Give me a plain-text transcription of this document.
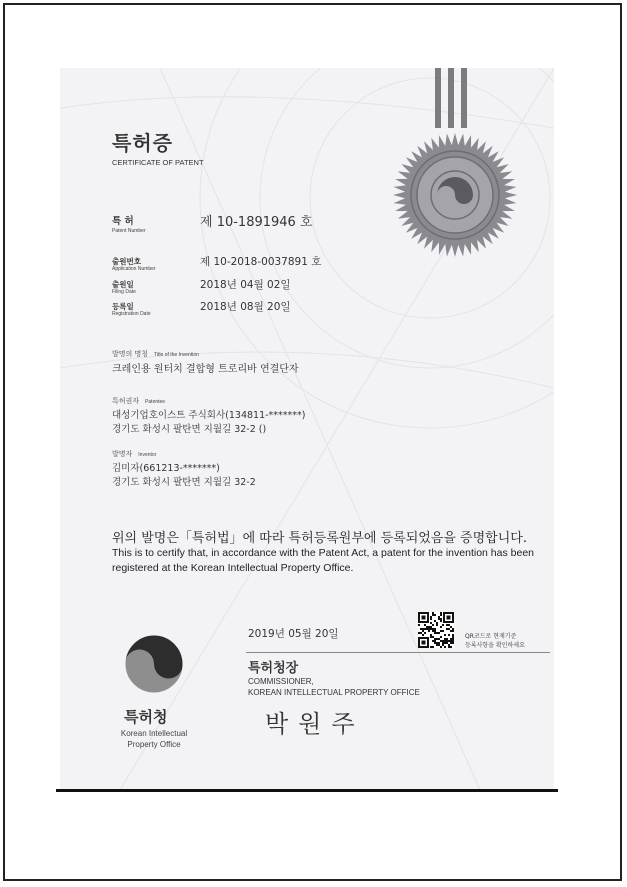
특허증
CERTIFICATE OF PATENT
특 허
Patent Number
제 10-1891946 호
출원번호
Application Number
제 10-2018-0037891 호
출원일
Filing Date
2018년 04월 02일
등록일
Registration Date
2018년 08월 20일
발명의 명칭 Title of the Invention
크레인용 원터치 결합형 트로리바 연결단자
특허권자 Patentee
대성기업호이스트 주식회사(134811-*******)
경기도 화성시 팔탄면 지월길 32-2 ()
발명자 Inventor
김미자(661213-*******)
경기도 화성시 팔탄면 지월길 32-2
위의 발명은「특허법」에 따라 특허등록원부에 등록되었음을 증명합니다.
This is to certify that, in accordance with the Patent Act, a patent for the invention has been registered at the Korean Intellectual Property Office.
2019년 05월 20일	QR코드로 현재기준
등록사항을 확인하세요
특허청장
COMMISSIONER,
KOREAN INTELLECTUAL PROPERTY OFFICE
박원주
특허청
Korean Intellectual
Property Office
